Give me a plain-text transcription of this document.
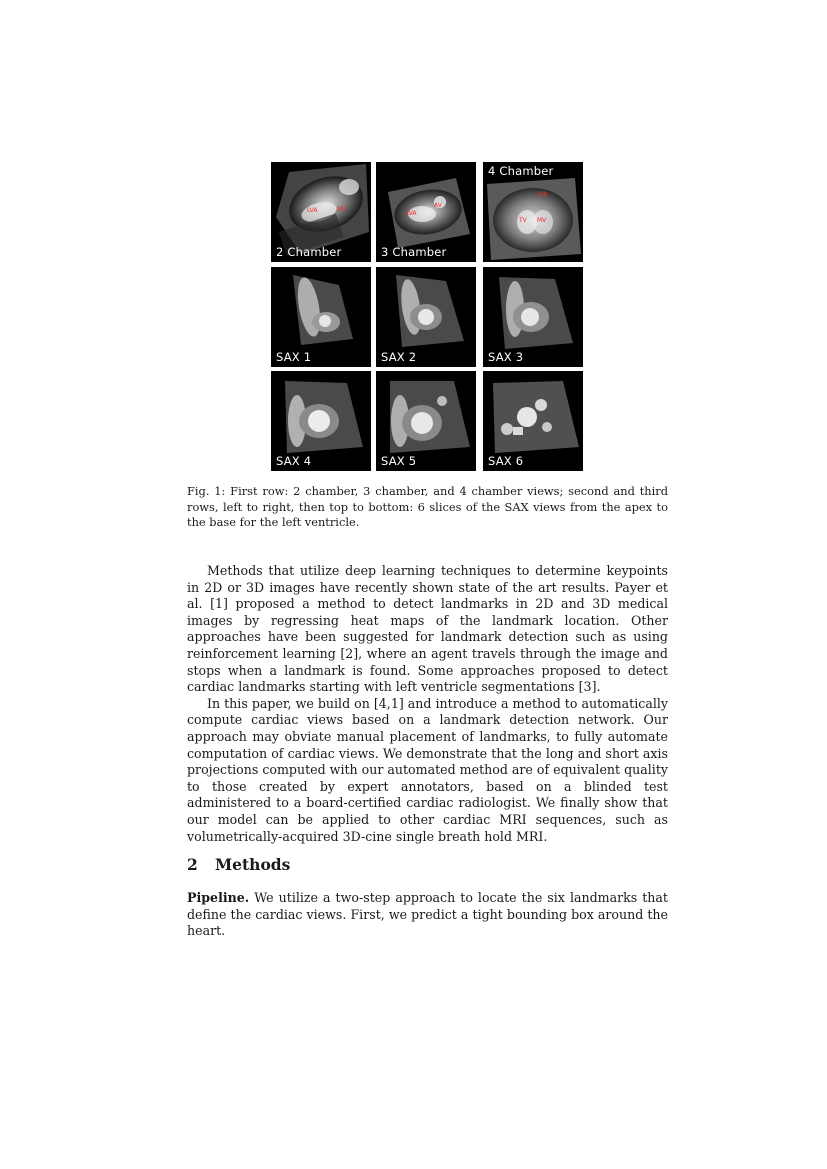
LVA	MV
2 Chamber
LVA
AV
3 Chamber
4 Chamber
LVA
TV MV
SAX 1	SAX 2	SAX 3
SAX 4	SAX 5	SAX 6
Fig. 1: First row: 2 chamber, 3 chamber, and 4 chamber views; second and third rows, left to right, then top to bottom: 6 slices of the SAX views from the apex to the base for the left ventricle.

Methods that utilize deep learning techniques to determine keypoints in 2D or 3D images have recently shown state of the art results. Payer et al. [1] proposed a method to detect landmarks in 2D and 3D medical images by regressing heat maps of the landmark location. Other approaches have been suggested for landmark detection such as using reinforcement learning [2], where an agent travels through the image and stops when a landmark is found. Some approaches proposed to detect cardiac landmarks starting with left ventricle segmentations [3].

In this paper, we build on [4,1] and introduce a method to automatically compute cardiac views based on a landmark detection network. Our approach may obviate manual placement of landmarks, to fully automate computation of cardiac views. We demonstrate that the long and short axis projections computed with our automated method are of equivalent quality to those created by expert annotators, based on a blinded test administered to a board-certified cardiac radiologist. We finally show that our model can be applied to other cardiac MRI sequences, such as volumetrically-acquired 3D-cine single breath hold MRI.

2 Methods
Pipeline. We utilize a two-step approach to locate the six landmarks that define the cardiac views. First, we predict a tight bounding box around the heart.
